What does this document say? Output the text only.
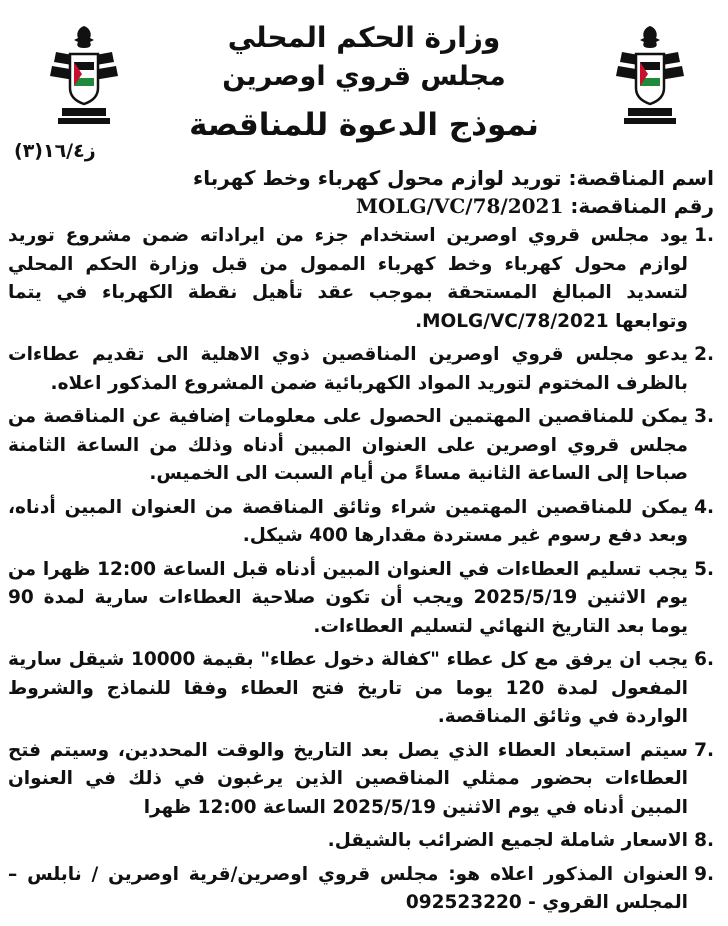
وزارة الحكم المحلي
مجلس قروي اوصرين
نموذج الدعوة للمناقصة
ز١٦/٤(٣)
اسم المناقصة: توريد لوازم محول كهرباء وخط كهرباء
رقم المناقصة: MOLG/VC/78/2021
.1
يود مجلس قروي اوصرين استخدام جزء من ايراداته ضمن مشروع توريد لوازم محول كهرباء وخط كهرباء الممول من قبل وزارة الحكم المحلي لتسديد المبالغ المستحقة بموجب عقد تأهيل نقطة الكهرباء في يتما وتوابعها MOLG/VC/78/2021.
.2
يدعو مجلس قروي اوصرين المناقصين ذوي الاهلية الى تقديم عطاءات بالظرف المختوم لتوريد المواد الكهربائية ضمن المشروع المذكور اعلاه.
.3
يمكن للمناقصين المهتمين الحصول على معلومات إضافية عن المناقصة من مجلس قروي اوصرين على العنوان المبين أدناه وذلك من الساعة الثامنة صباحا إلى الساعة الثانية مساءً من أيام السبت الى الخميس.
.4
يمكن للمناقصين المهتمين شراء وثائق المناقصة من العنوان المبين أدناه، وبعد دفع رسوم غير مستردة مقدارها 400 شيكل.
.5
يجب تسليم العطاءات في العنوان المبين أدناه قبل الساعة 12:00 ظهرا من يوم الاثنين 2025/5/19 ويجب أن تكون صلاحية العطاءات سارية لمدة 90 يوما بعد التاريخ النهائي لتسليم العطاءات.
.6
يجب ان يرفق مع كل عطاء "كفالة دخول عطاء" بقيمة 10000 شيقل سارية المفعول لمدة 120 يوما من تاريخ فتح العطاء وفقا للنماذج والشروط الواردة في وثائق المناقصة.
.7
سيتم استبعاد العطاء الذي يصل بعد التاريخ والوقت المحددين، وسيتم فتح العطاءات بحضور ممثلي المناقصين الذين يرغبون في ذلك في العنوان المبين أدناه في يوم الاثنين 2025/5/19 الساعة 12:00 ظهرا
.8
الاسعار شاملة لجميع الضرائب بالشيقل.
.9
العنوان المذكور اعلاه هو: مجلس قروي اوصرين/قرية اوصرين / نابلس – المجلس القروي - 092523220
